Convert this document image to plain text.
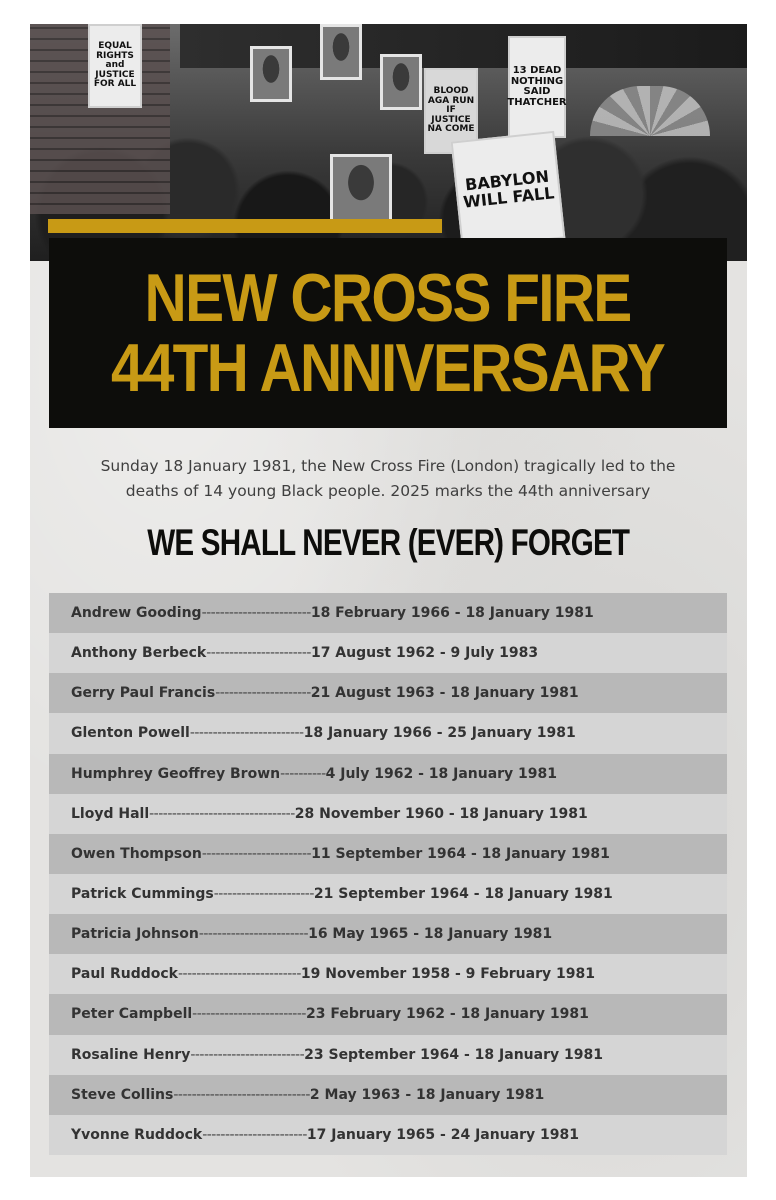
EQUAL RIGHTS and JUSTICE FOR ALL
BLOOD AGA RUN IF JUSTICE NA COME
13 DEAD NOTHING SAID THATCHER
BABYLON WILL FALL
NEW CROSS FIRE
44TH ANNIVERSARY
Sunday 18 January 1981, the New Cross Fire (London) tragically led to the
deaths of 14 young Black people. 2025 marks the 44th anniversary
WE SHALL NEVER (EVER) FORGET
Andrew Gooding ------------------------ 18 February 1966 - 18 January 1981
Anthony Berbeck ----------------------- 17 August 1962 - 9 July 1983
Gerry Paul Francis --------------------- 21 August 1963 - 18 January 1981
Glenton Powell ------------------------- 18 January 1966 - 25 January 1981
Humphrey Geoffrey Brown ---------- 4 July 1962 - 18 January 1981
Lloyd Hall -------------------------------- 28 November 1960 - 18 January 1981
Owen Thompson ------------------------ 11 September 1964 - 18 January 1981
Patrick Cummings ---------------------- 21 September 1964 - 18 January 1981
Patricia Johnson ------------------------ 16 May 1965 - 18 January 1981
Paul Ruddock --------------------------- 19 November 1958 - 9 February 1981
Peter Campbell ------------------------- 23 February 1962 - 18 January 1981
Rosaline Henry ------------------------- 23 September 1964 - 18 January 1981
Steve Collins ------------------------------ 2 May 1963 - 18 January 1981
Yvonne Ruddock ----------------------- 17 January 1965 - 24 January 1981
